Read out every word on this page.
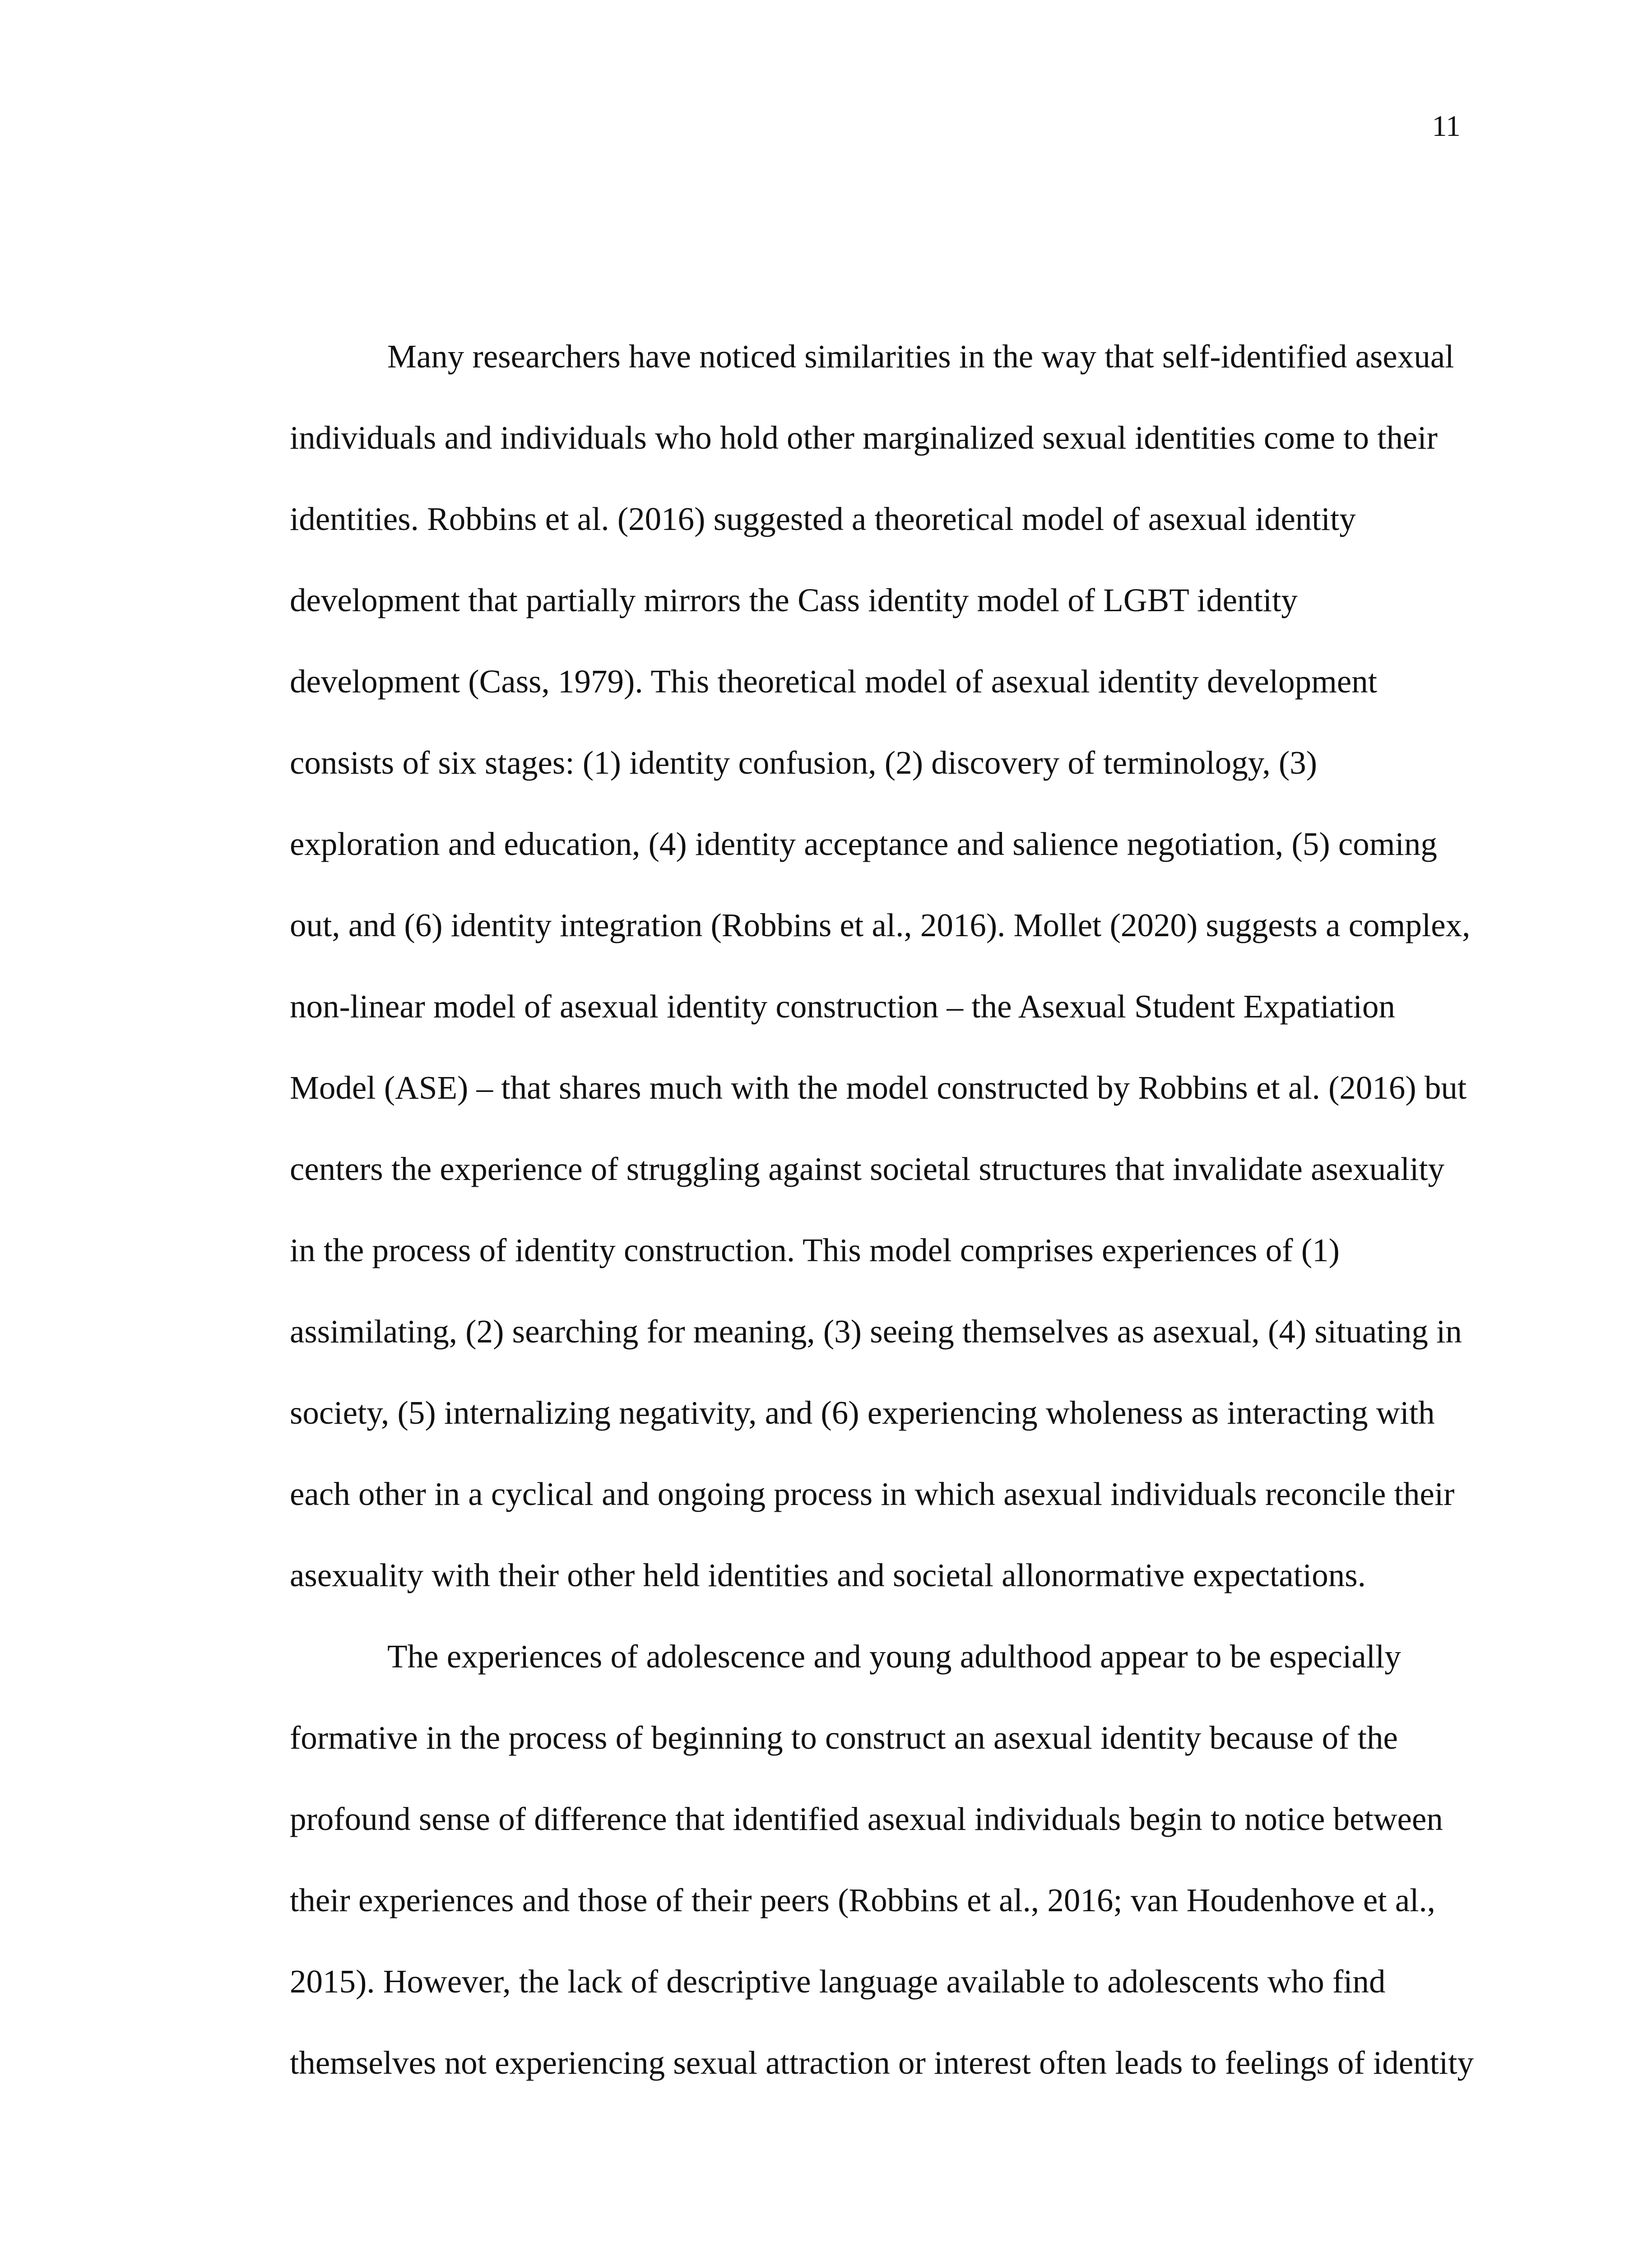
11

Many researchers have noticed similarities in the way that self-identified asexual
individuals and individuals who hold other marginalized sexual identities come to their
identities. Robbins et al. (2016) suggested a theoretical model of asexual identity
development that partially mirrors the Cass identity model of LGBT identity
development (Cass, 1979). This theoretical model of asexual identity development
consists of six stages: (1) identity confusion, (2) discovery of terminology, (3)
exploration and education, (4) identity acceptance and salience negotiation, (5) coming
out, and (6) identity integration (Robbins et al., 2016). Mollet (2020) suggests a complex,
non-linear model of asexual identity construction – the Asexual Student Expatiation
Model (ASE) – that shares much with the model constructed by Robbins et al. (2016) but
centers the experience of struggling against societal structures that invalidate asexuality
in the process of identity construction. This model comprises experiences of (1)
assimilating, (2) searching for meaning, (3) seeing themselves as asexual, (4) situating in
society, (5) internalizing negativity, and (6) experiencing wholeness as interacting with
each other in a cyclical and ongoing process in which asexual individuals reconcile their
asexuality with their other held identities and societal allonormative expectations.

The experiences of adolescence and young adulthood appear to be especially
formative in the process of beginning to construct an asexual identity because of the
profound sense of difference that identified asexual individuals begin to notice between
their experiences and those of their peers (Robbins et al., 2016; van Houdenhove et al.,
2015). However, the lack of descriptive language available to adolescents who find
themselves not experiencing sexual attraction or interest often leads to feelings of identity
